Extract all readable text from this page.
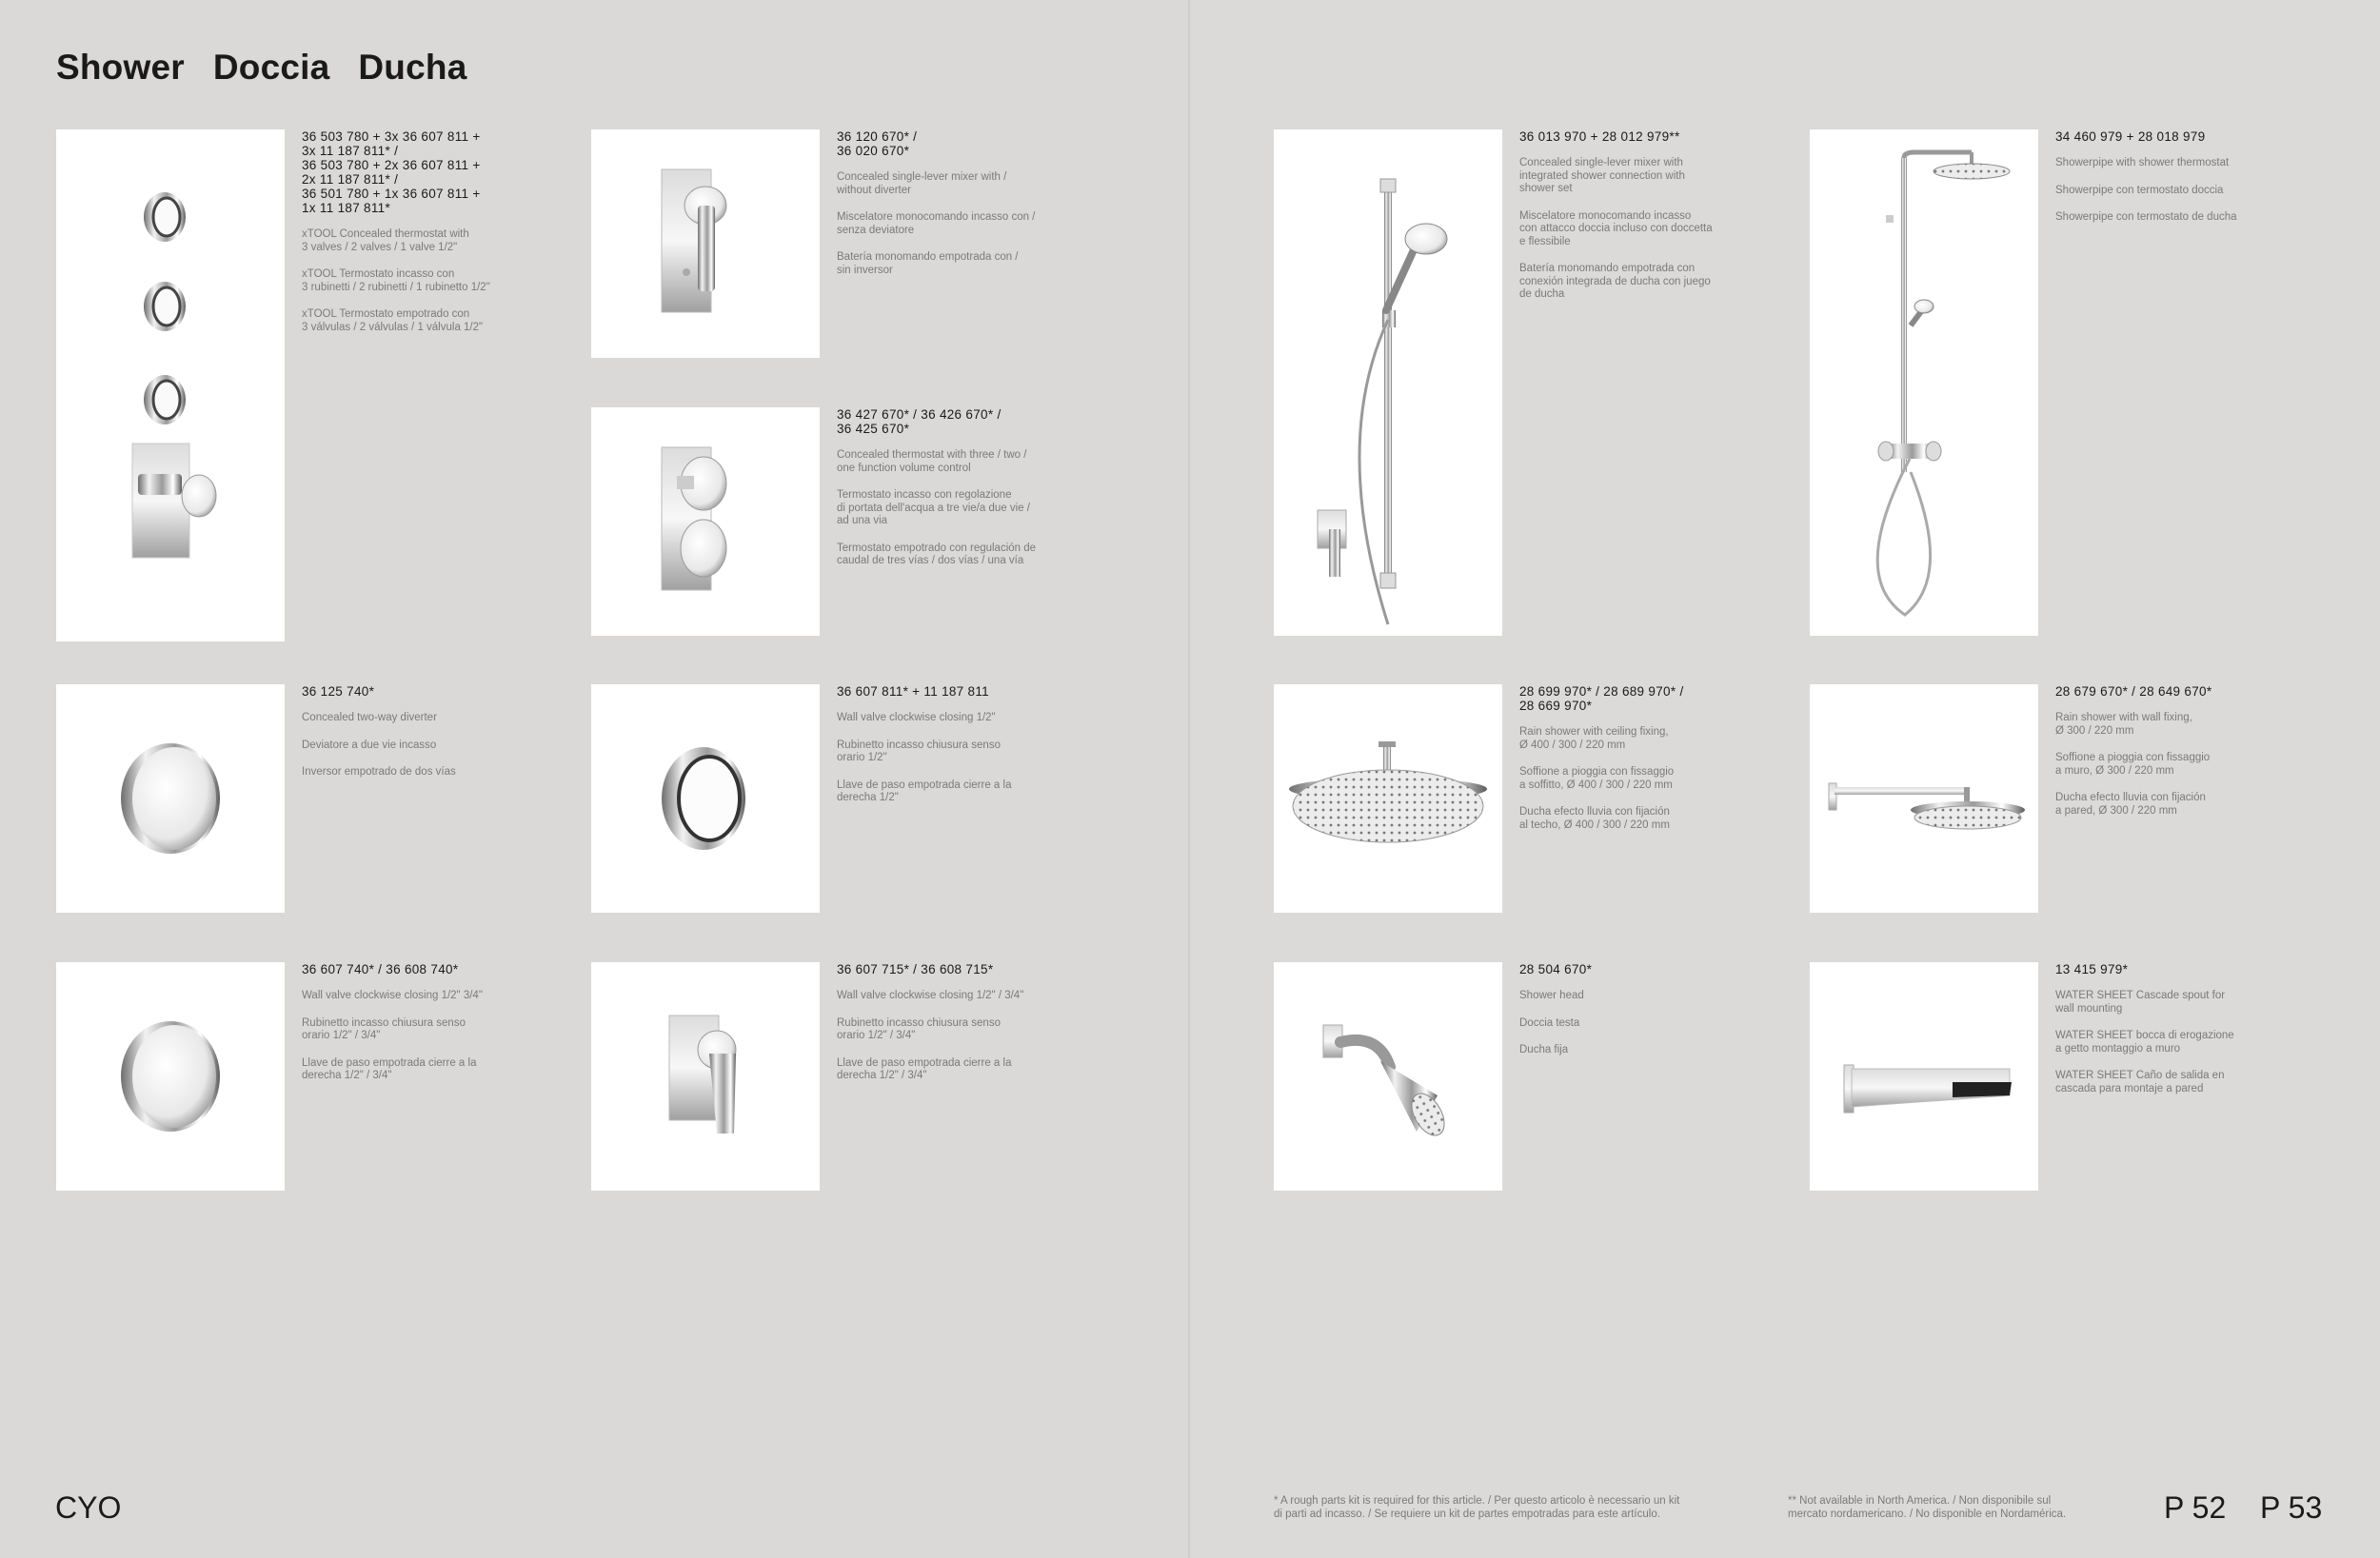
Shower Doccia Ducha
36 503 780 + 3x 36 607 811 +
3x 11 187 811* /
36 503 780 + 2x 36 607 811 +
2x 11 187 811* /
36 501 780 + 1x 36 607 811 +
1x 11 187 811*
xTOOL Concealed thermostat with
3 valves / 2 valves / 1 valve 1/2"
xTOOL Termostato incasso con
3 rubinetti / 2 rubinetti / 1 rubinetto 1/2"
xTOOL Termostato empotrado con
3 válvulas / 2 válvulas / 1 válvula 1/2"
36 120 670* /
36 020 670*
Concealed single-lever mixer with /
without diverter
Miscelatore monocomando incasso con /
senza deviatore
Batería monomando empotrada con /
sin inversor
36 427 670* / 36 426 670* /
36 425 670*
Concealed thermostat with three / two /
one function volume control
Termostato incasso con regolazione
di portata dell'acqua a tre vie/a due vie /
ad una via
Termostato empotrado con regulación de
caudal de tres vías / dos vías / una vía
36 125 740*
Concealed two-way diverter
Deviatore a due vie incasso
Inversor empotrado de dos vías
36 607 811* + 11 187 811
Wall valve clockwise closing 1/2"
Rubinetto incasso chiusura senso
orario 1/2"
Llave de paso empotrada cierre a la
derecha 1/2"
36 607 740* / 36 608 740*
Wall valve clockwise closing 1/2" 3/4"
Rubinetto incasso chiusura senso
orario 1/2" / 3/4"
Llave de paso empotrada cierre a la
derecha 1/2" / 3/4"
36 607 715* / 36 608 715*
Wall valve clockwise closing 1/2" / 3/4"
Rubinetto incasso chiusura senso
orario 1/2" / 3/4"
Llave de paso empotrada cierre a la
derecha 1/2" / 3/4"
36 013 970 + 28 012 979**
Concealed single-lever mixer with
integrated shower connection with
shower set
Miscelatore monocomando incasso
con attacco doccia incluso con doccetta
e flessibile
Batería monomando empotrada con
conexión integrada de ducha con juego
de ducha
34 460 979 + 28 018 979
Showerpipe with shower thermostat
Showerpipe con termostato doccia
Showerpipe con termostato de ducha
28 699 970* / 28 689 970* /
28 669 970*
Rain shower with ceiling fixing,
Ø 400 / 300 / 220 mm
Soffione a pioggia con fissaggio
a soffitto, Ø 400 / 300 / 220 mm
Ducha efecto lluvia con fijación
al techo, Ø 400 / 300 / 220 mm
28 679 670* / 28 649 670*
Rain shower with wall fixing,
Ø 300 / 220 mm
Soffione a pioggia con fissaggio
a muro, Ø 300 / 220 mm
Ducha efecto lluvia con fijación
a pared, Ø 300 / 220 mm
28 504 670*
Shower head
Doccia testa
Ducha fija
13 415 979*
WATER SHEET Cascade spout for
wall mounting
WATER SHEET bocca di erogazione
a getto montaggio a muro
WATER SHEET Caño de salida en
cascada para montaje a pared
CYO	* A rough parts kit is required for this article. / Per questo articolo è necessario un kit
di parti ad incasso. / Se requiere un kit de partes empotradas para este artículo.
** Not available in North America. / Non disponibile sul
mercato nordamericano. / No disponible en Nordamérica.	P 52 P 53
